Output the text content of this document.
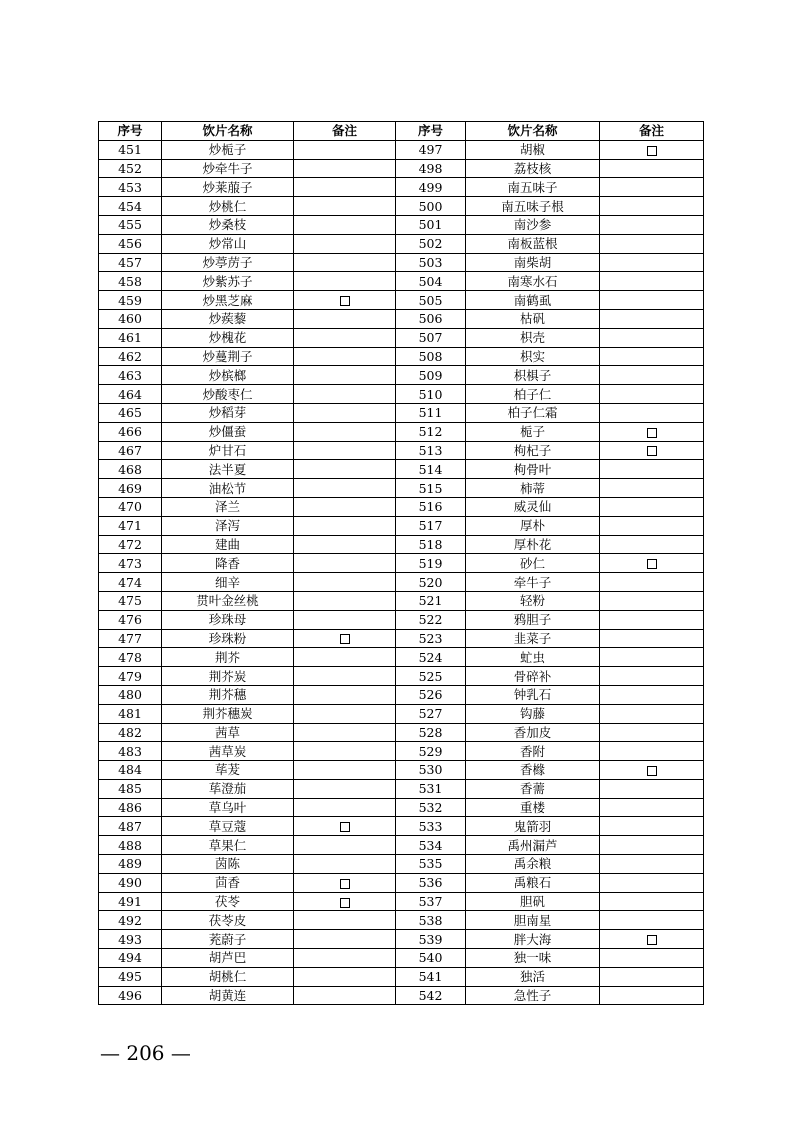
序号	饮片名称	备注	序号	饮片名称	备注
451	炒栀子		497	胡椒	
452	炒牵牛子		498	荔枝核	
453	炒莱菔子		499	南五味子	
454	炒桃仁		500	南五味子根	
455	炒桑枝		501	南沙参	
456	炒常山		502	南板蓝根	
457	炒葶苈子		503	南柴胡	
458	炒紫苏子		504	南寒水石	
459	炒黑芝麻		505	南鹤虱	
460	炒蒺藜		506	枯矾	
461	炒槐花		507	枳壳	
462	炒蔓荆子		508	枳实	
463	炒槟榔		509	枳椇子	
464	炒酸枣仁		510	柏子仁	
465	炒稻芽		511	柏子仁霜	
466	炒僵蚕		512	栀子	
467	炉甘石		513	枸杞子	
468	法半夏		514	枸骨叶	
469	油松节		515	柿蒂	
470	泽兰		516	威灵仙	
471	泽泻		517	厚朴	
472	建曲		518	厚朴花	
473	降香		519	砂仁	
474	细辛		520	牵牛子	
475	贯叶金丝桃		521	轻粉	
476	珍珠母		522	鸦胆子	
477	珍珠粉		523	韭菜子	
478	荆芥		524	虻虫	
479	荆芥炭		525	骨碎补	
480	荆芥穗		526	钟乳石	
481	荆芥穗炭		527	钩藤	
482	茜草		528	香加皮	
483	茜草炭		529	香附	
484	荜茇		530	香橼	
485	荜澄茄		531	香薷	
486	草乌叶		532	重楼	
487	草豆蔻		533	鬼箭羽	
488	草果仁		534	禹州漏芦	
489	茵陈		535	禹余粮	
490	茴香		536	禹粮石	
491	茯苓		537	胆矾	
492	茯苓皮		538	胆南星	
493	茺蔚子		539	胖大海	
494	胡芦巴		540	独一味	
495	胡桃仁		541	独活	
496	胡黄连		542	急性子	
— 206 —
